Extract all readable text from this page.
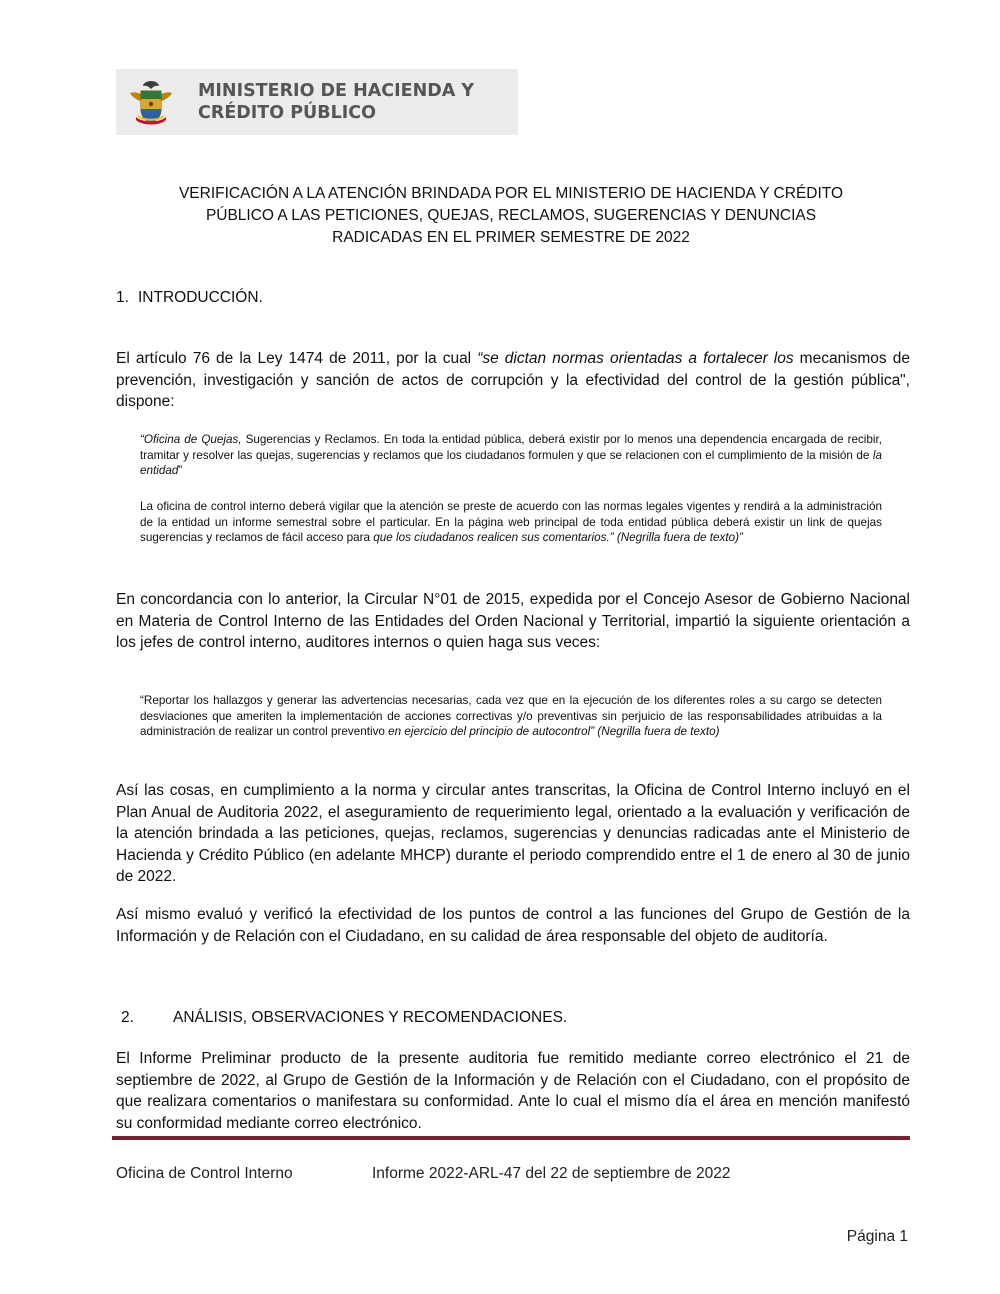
MINISTERIO DE HACIENDA Y
CRÉDITO PÚBLICO

VERIFICACIÓN A LA ATENCIÓN BRINDADA POR EL MINISTERIO DE HACIENDA Y CRÉDITO
PÚBLICO A LAS PETICIONES, QUEJAS, RECLAMOS, SUGERENCIAS Y DENUNCIAS
RADICADAS EN EL PRIMER SEMESTRE DE 2022
1. INTRODUCCIÓN.

El artículo 76 de la Ley 1474 de 2011, por la cual “se dictan normas orientadas a fortalecer los mecanismos de prevención, investigación y sanción de actos de corrupción y la efectividad del control de la gestión pública", dispone:

“Oficina de Quejas, Sugerencias y Reclamos. En toda la entidad pública, deberá existir por lo menos una dependencia encargada de recibir, tramitar y resolver las quejas, sugerencias y reclamos que los ciudadanos formulen y que se relacionen con el cumplimiento de la misión de la entidad”

La oficina de control interno deberá vigilar que la atención se preste de acuerdo con las normas legales vigentes y rendirá a la administración de la entidad un informe semestral sobre el particular. En la página web principal de toda entidad pública deberá existir un link de quejas sugerencias y reclamos de fácil acceso para que los ciudadanos realicen sus comentarios.” (Negrilla fuera de texto)”

En concordancia con lo anterior, la Circular N°01 de 2015, expedida por el Concejo Asesor de Gobierno Nacional en Materia de Control Interno de las Entidades del Orden Nacional y Territorial, impartió la siguiente orientación a los jefes de control interno, auditores internos o quien haga sus veces:

“Reportar los hallazgos y generar las advertencias necesarias, cada vez que en la ejecución de los diferentes roles a su cargo se detecten desviaciones que ameriten la implementación de acciones correctivas y/o preventivas sin perjuicio de las responsabilidades atribuidas a la administración de realizar un control preventivo en ejercicio del principio de autocontrol” (Negrilla fuera de texto)

Así las cosas, en cumplimiento a la norma y circular antes transcritas, la Oficina de Control Interno incluyó en el Plan Anual de Auditoria 2022, el aseguramiento de requerimiento legal, orientado a la evaluación y verificación de la atención brindada a las peticiones, quejas, reclamos, sugerencias y denuncias radicadas ante el Ministerio de Hacienda y Crédito Público (en adelante MHCP) durante el periodo comprendido entre el 1 de enero al 30 de junio de 2022.

Así mismo evaluó y verificó la efectividad de los puntos de control a las funciones del Grupo de Gestión de la Información y de Relación con el Ciudadano, en su calidad de área responsable del objeto de auditoría.

2.	ANÁLISIS, OBSERVACIONES Y RECOMENDACIONES.

El Informe Preliminar producto de la presente auditoria fue remitido mediante correo electrónico el 21 de septiembre de 2022, al Grupo de Gestión de la Información y de Relación con el Ciudadano, con el propósito de que realizara comentarios o manifestara su conformidad. Ante lo cual el mismo día el área en mención manifestó su conformidad mediante correo electrónico.

Oficina de Control Interno	Informe 2022-ARL-47 del 22 de septiembre de 2022

Página 1
